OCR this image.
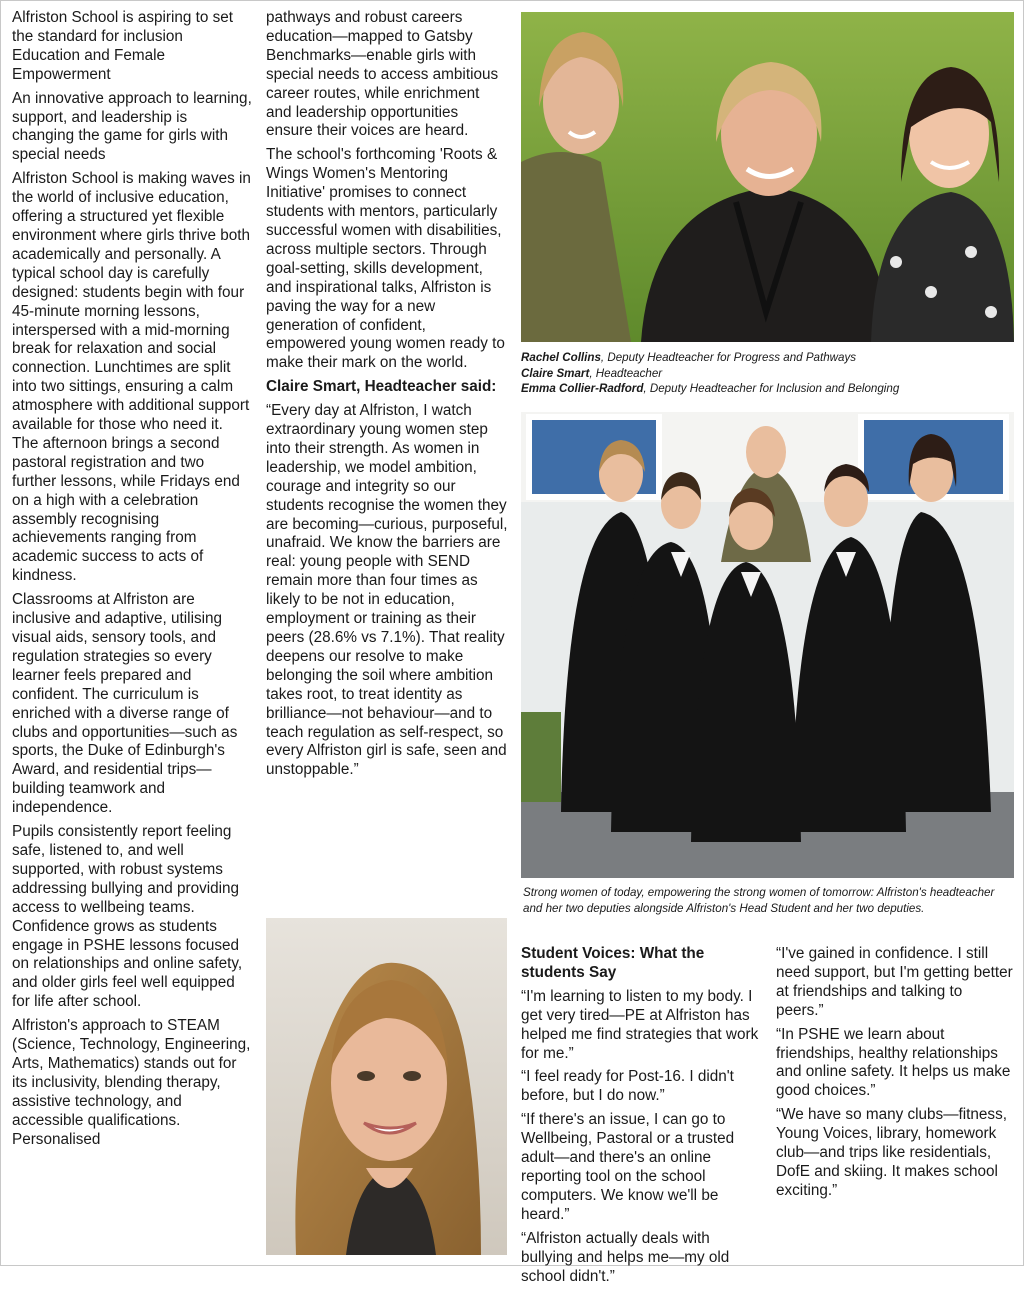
Alfriston School is aspiring to set the standard for inclusion Education and Female Empowerment

An innovative approach to learning, support, and leadership is changing the game for girls with special needs

Alfriston School is making waves in the world of inclusive education, offering a structured yet flexible environment where girls thrive both academically and personally. A typical school day is carefully designed: students begin with four 45-minute morning lessons, interspersed with a mid-morning break for relaxation and social connection. Lunchtimes are split into two sittings, ensuring a calm atmosphere with additional support available for those who need it. The afternoon brings a second pastoral registration and two further lessons, while Fridays end on a high with a celebration assembly recognising achievements ranging from academic success to acts of kindness.

Classrooms at Alfriston are inclusive and adaptive, utilising visual aids, sensory tools, and regulation strategies so every learner feels prepared and confident. The curriculum is enriched with a diverse range of clubs and opportunities—such as sports, the Duke of Edinburgh's Award, and residential trips—building teamwork and independence.

Pupils consistently report feeling safe, listened to, and well supported, with robust systems addressing bullying and providing access to wellbeing teams. Confidence grows as students engage in PSHE lessons focused on relationships and online safety, and older girls feel well equipped for life after school.

Alfriston's approach to STEAM (Science, Technology, Engineering, Arts, Mathematics) stands out for its inclusivity, blending therapy, assistive technology, and accessible qualifications. Personalised

pathways and robust careers education—mapped to Gatsby Benchmarks—enable girls with special needs to access ambitious career routes, while enrichment and leadership opportunities ensure their voices are heard.

The school's forthcoming 'Roots & Wings Women's Mentoring Initiative' promises to connect students with mentors, particularly successful women with disabilities, across multiple sectors. Through goal-setting, skills development, and inspirational talks, Alfriston is paving the way for a new generation of confident, empowered young women ready to make their mark on the world.

Claire Smart, Headteacher said:

“Every day at Alfriston, I watch extraordinary young women step into their strength. As women in leadership, we model ambition, courage and integrity so our students recognise the women they are becoming—curious, purposeful, unafraid. We know the barriers are real: young people with SEND remain more than four times as likely to be not in education, employment or training as their peers (28.6% vs 7.1%). That reality deepens our resolve to make belonging the soil where ambition takes root, to treat identity as brilliance—not behaviour—and to teach regulation as self-respect, so every Alfriston girl is safe, seen and unstoppable.”

Rachel Collins, Deputy Headteacher for Progress and Pathways
Claire Smart, Headteacher
Emma Collier-Radford, Deputy Headteacher for Inclusion and Belonging
Strong women of today, empowering the strong women of tomorrow: Alfriston's headteacher and her two deputies alongside Alfriston's Head Student and her two deputies.

Student Voices: What the students Say

“I'm learning to listen to my body. I get very tired—PE at Alfriston has helped me find strategies that work for me.”

“I feel ready for Post-16. I didn't before, but I do now.”

“If there's an issue, I can go to Wellbeing, Pastoral or a trusted adult—and there's an online reporting tool on the school computers. We know we'll be heard.”

“Alfriston actually deals with bullying and helps me—my old school didn't.”

“I've gained in confidence. I still need support, but I'm getting better at friendships and talking to peers.”

“In PSHE we learn about friendships, healthy relationships and online safety. It helps us make good choices.”

“We have so many clubs—fitness, Young Voices, library, homework club—and trips like residentials, DofE and skiing. It makes school exciting.”
